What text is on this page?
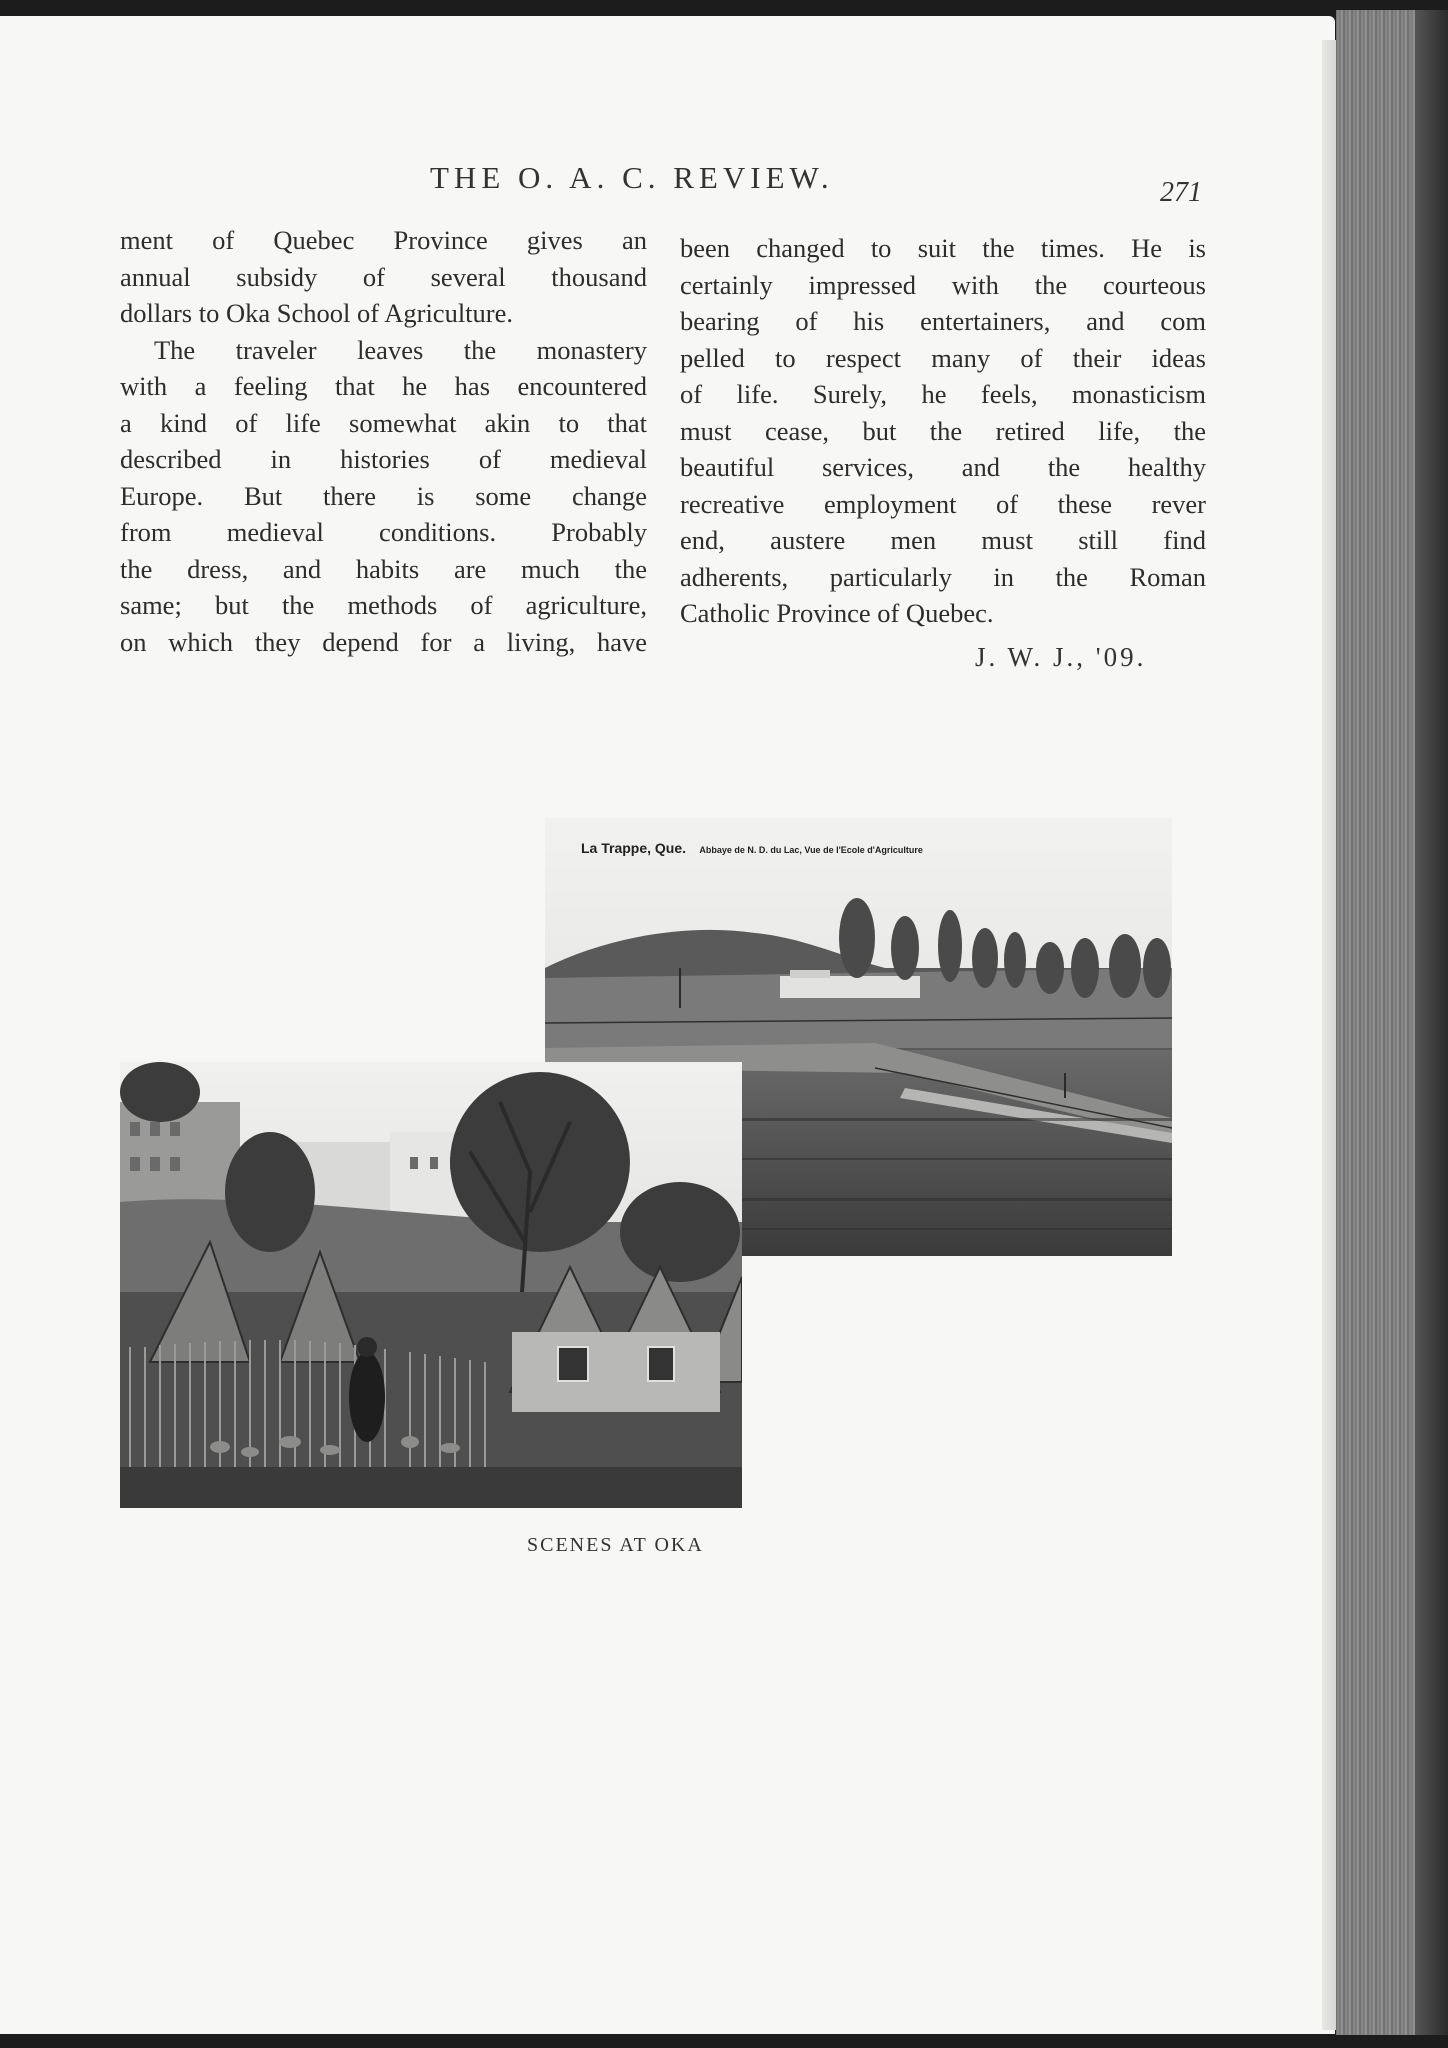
THE O. A. C. REVIEW.	271
ment of Quebec Province gives an
annual subsidy of several thousand
dollars to Oka School of Agriculture.
The traveler leaves the monastery
with a feeling that he has encountered
a kind of life somewhat akin to that
described in histories of medieval
Europe. But there is some change
from medieval conditions. Probably
the dress, and habits are much the
same; but the methods of agriculture,
on which they depend for a living, have
been changed to suit the times. He is
certainly impressed with the courteous
bearing of his entertainers, and com
pelled to respect many of their ideas
of life. Surely, he feels, monasticism
must cease, but the retired life, the
beautiful services, and the healthy
recreative employment of these rever
end, austere men must still find
adherents, particularly in the Roman
Catholic Province of Quebec.
J. W. J., '09.
La Trappe, Que. Abbaye de N. D. du Lac, Vue de l'Ecole d'Agriculture
SCENES AT OKA
